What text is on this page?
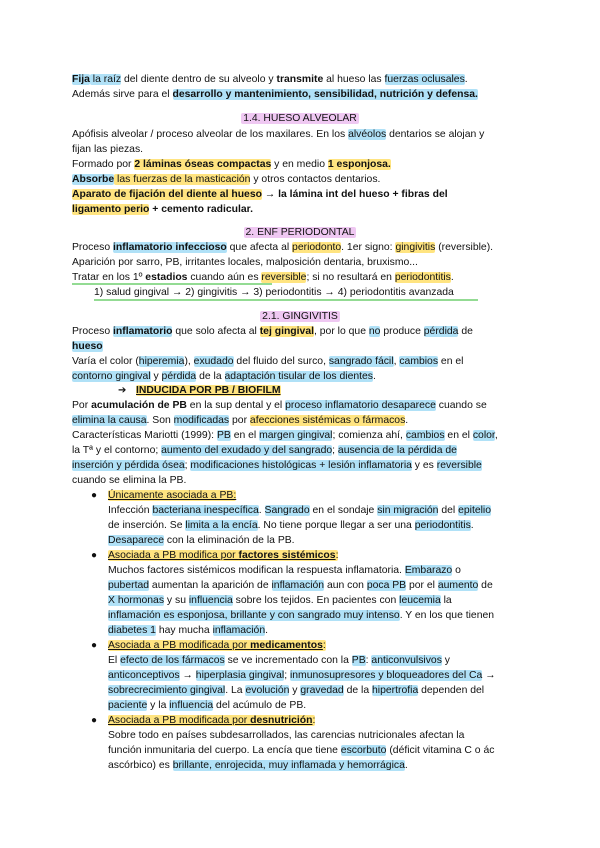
Fija la raíz del diente dentro de su alveolo y transmite al hueso las fuerzas oclusales.
Además sirve para el desarrollo y mantenimiento, sensibilidad, nutrición y defensa.
1.4. HUESO ALVEOLAR
Apófisis alveolar / proceso alveolar de los maxilares. En los alvéolos dentarios se alojan y
fijan las piezas.
Formado por 2 láminas óseas compactas y en medio 1 esponjosa.
Absorbe las fuerzas de la masticación y otros contactos dentarios.
Aparato de fijación del diente al hueso → la lámina int del hueso + fibras del
ligamento perio + cemento radicular.
2. ENF PERIODONTAL
Proceso inflamatorio infeccioso que afecta al periodonto. 1er signo: gingivitis (reversible).
Aparición por sarro, PB, irritantes locales, malposición dentaria, bruxismo...
Tratar en los 1º estadios cuando aún es reversible; si no resultará en periodontitis.
1) salud gingival → 2) gingivitis → 3) periodontitis → 4) periodontitis avanzada
2.1. GINGIVITIS
Proceso inflamatorio que solo afecta al tej gingival, por lo que no produce pérdida de
hueso
Varía el color (hiperemia), exudado del fluido del surco, sangrado fácil, cambios en el
contorno gingival y pérdida de la adaptación tisular de los dientes.
➔ INDUCIDA POR PB / BIOFILM
Por acumulación de PB en la sup dental y el proceso inflamatorio desaparece cuando se
elimina la causa. Son modificadas por afecciones sistémicas o fármacos.
Características Mariotti (1999): PB en el margen gingival; comienza ahí, cambios en el color,
la Tª y el contorno; aumento del exudado y del sangrado; ausencia de la pérdida de
inserción y pérdida ósea; modificaciones histológicas + lesión inflamatoria y es reversible
cuando se elimina la PB.
● Únicamente asociada a PB:
Infección bacteriana inespecífica. Sangrado en el sondaje sin migración del epitelio
de inserción. Se limita a la encía. No tiene porque llegar a ser una periodontitis.
Desaparece con la eliminación de la PB.
● Asociada a PB modifica por factores sistémicos:
Muchos factores sistémicos modifican la respuesta inflamatoria. Embarazo o
pubertad aumentan la aparición de inflamación aun con poca PB por el aumento de
X hormonas y su influencia sobre los tejidos. En pacientes con leucemia la
inflamación es esponjosa, brillante y con sangrado muy intenso. Y en los que tienen
diabetes 1 hay mucha inflamación.
● Asociada a PB modificada por medicamentos:
El efecto de los fármacos se ve incrementado con la PB: anticonvulsivos y
anticonceptivos → hiperplasia gingival; inmunosupresores y bloqueadores del Ca →
sobrecrecimiento gingival. La evolución y gravedad de la hipertrofia dependen del
paciente y la influencia del acúmulo de PB.
● Asociada a PB modificada por desnutrición:
Sobre todo en países subdesarrollados, las carencias nutricionales afectan la
función inmunitaria del cuerpo. La encía que tiene escorbuto (déficit vitamina C o ác
ascórbico) es brillante, enrojecida, muy inflamada y hemorrágica.
